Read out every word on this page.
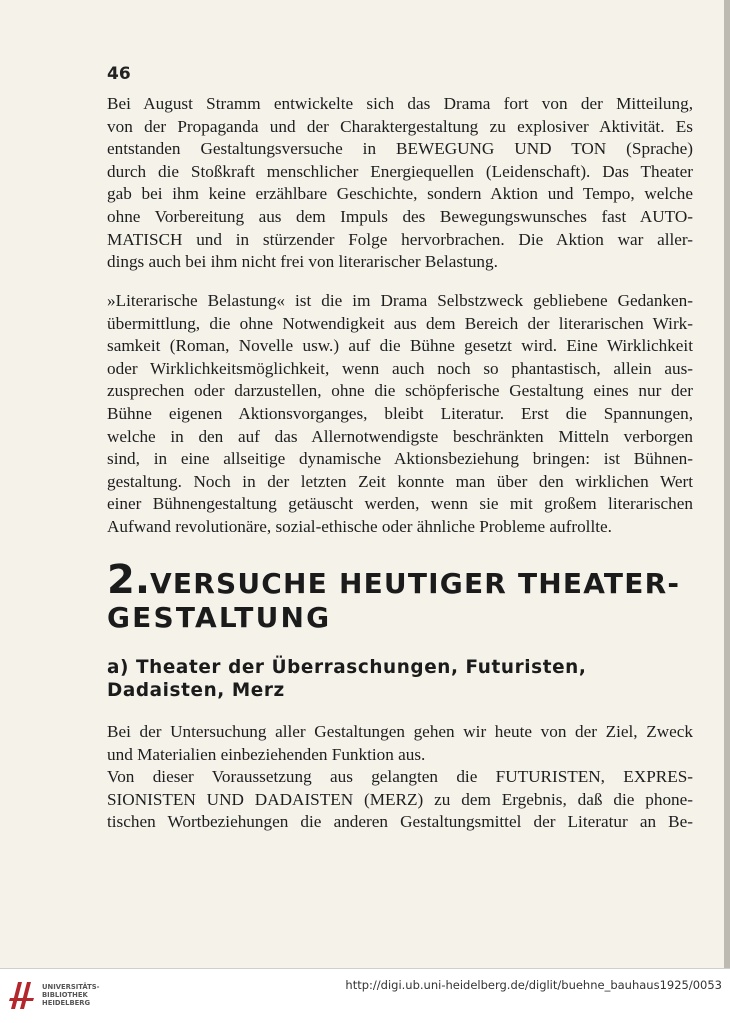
46
Bei August Stramm entwickelte sich das Drama fort von der Mitteilung,
von der Propaganda und der Charaktergestaltung zu explosiver Aktivität. Es
entstanden Gestaltungsversuche in BEWEGUNG UND TON (Sprache)
durch die Stoßkraft menschlicher Energiequellen (Leidenschaft). Das Theater
gab bei ihm keine erzählbare Geschichte, sondern Aktion und Tempo, welche
ohne Vorbereitung aus dem Impuls des Bewegungswunsches fast AUTO-
MATISCH und in stürzender Folge hervorbrachen. Die Aktion war aller-
dings auch bei ihm nicht frei von literarischer Belastung.
»Literarische Belastung« ist die im Drama Selbstzweck gebliebene Gedanken-
übermittlung, die ohne Notwendigkeit aus dem Bereich der literarischen Wirk-
samkeit (Roman, Novelle usw.) auf die Bühne gesetzt wird. Eine Wirklichkeit
oder Wirklichkeitsmöglichkeit, wenn auch noch so phantastisch, allein aus-
zusprechen oder darzustellen, ohne die schöpferische Gestaltung eines nur der
Bühne eigenen Aktionsvorganges, bleibt Literatur. Erst die Spannungen,
welche in den auf das Allernotwendigste beschränkten Mitteln verborgen
sind, in eine allseitige dynamische Aktionsbeziehung bringen: ist Bühnen-
gestaltung. Noch in der letzten Zeit konnte man über den wirklichen Wert
einer Bühnengestaltung getäuscht werden, wenn sie mit großem literarischen
Aufwand revolutionäre, sozial-ethische oder ähnliche Probleme aufrollte.
2.VERSUCHE HEUTIGER THEATER-
GESTALTUNG
a) Theater der Überraschungen, Futuristen,
Dadaisten, Merz
Bei der Untersuchung aller Gestaltungen gehen wir heute von der Ziel, Zweck
und Materialien einbeziehenden Funktion aus.
Von dieser Voraussetzung aus gelangten die FUTURISTEN, EXPRES-
SIONISTEN UND DADAISTEN (MERZ) zu dem Ergebnis, daß die phone-
tischen Wortbeziehungen die anderen Gestaltungsmittel der Literatur an Be-
UNIVERSITÄTS-
BIBLIOTHEK
HEIDELBERG
http://digi.ub.uni-heidelberg.de/diglit/buehne_bauhaus1925/0053
